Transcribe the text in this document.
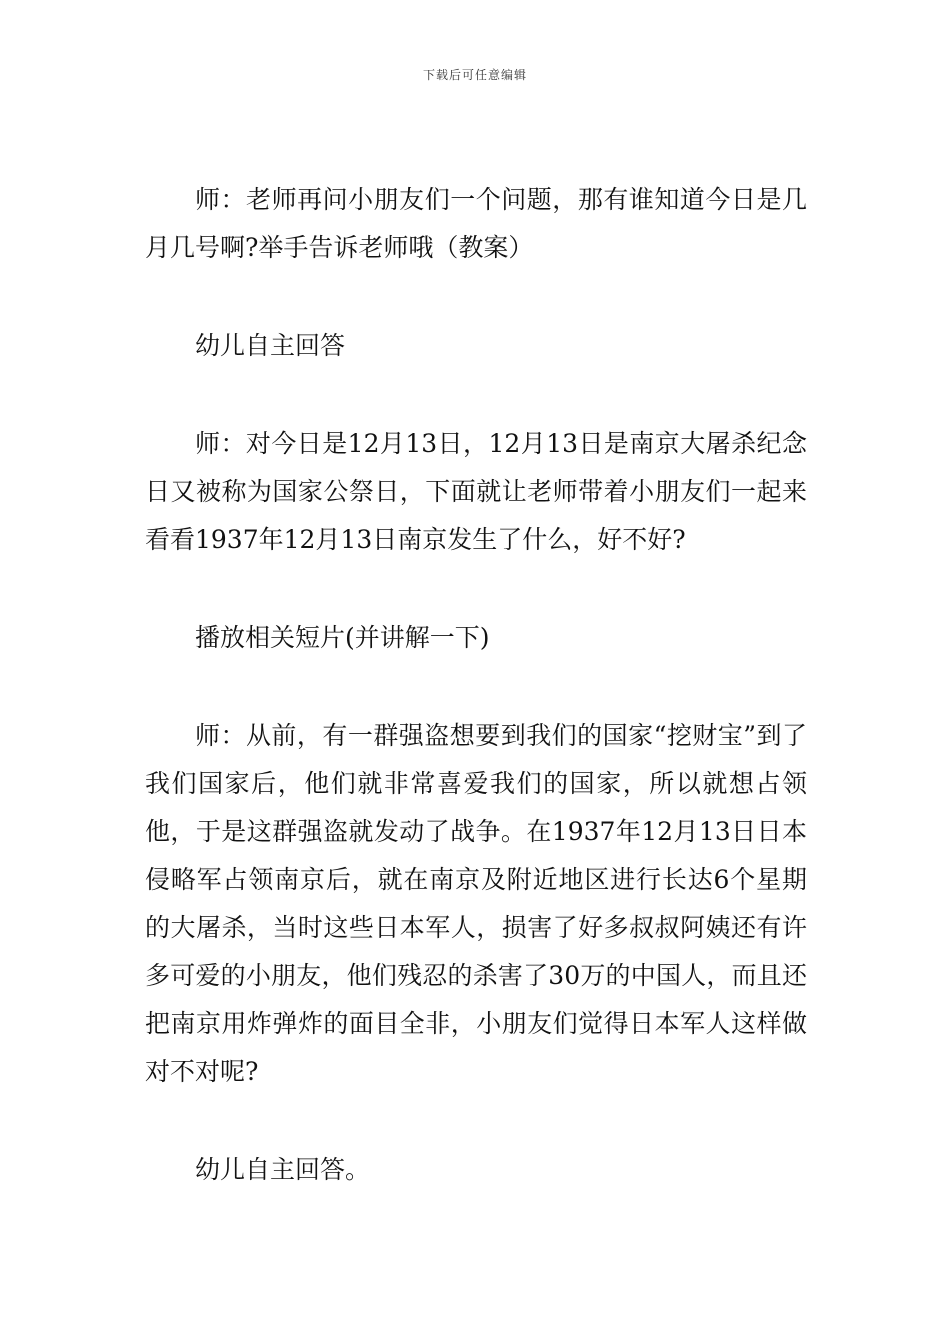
下载后可任意编辑

师：老师再问小朋友们一个问题，那有谁知道今日是几月几号啊?举手告诉老师哦（教案）

幼儿自主回答

师：对今日是12月13日，12月13日是南京大屠杀纪念日又被称为国家公祭日，下面就让老师带着小朋友们一起来看看1937年12月13日南京发生了什么，好不好?

播放相关短片(并讲解一下)

师：从前，有一群强盗想要到我们的国家“挖财宝”到了我们国家后，他们就非常喜爱我们的国家，所以就想占领他，于是这群强盗就发动了战争。在1937年12月13日日本侵略军占领南京后，就在南京及附近地区进行长达6个星期的大屠杀，当时这些日本军人，损害了好多叔叔阿姨还有许多可爱的小朋友，他们残忍的杀害了30万的中国人，而且还把南京用炸弹炸的面目全非，小朋友们觉得日本军人这样做对不对呢?

幼儿自主回答。
